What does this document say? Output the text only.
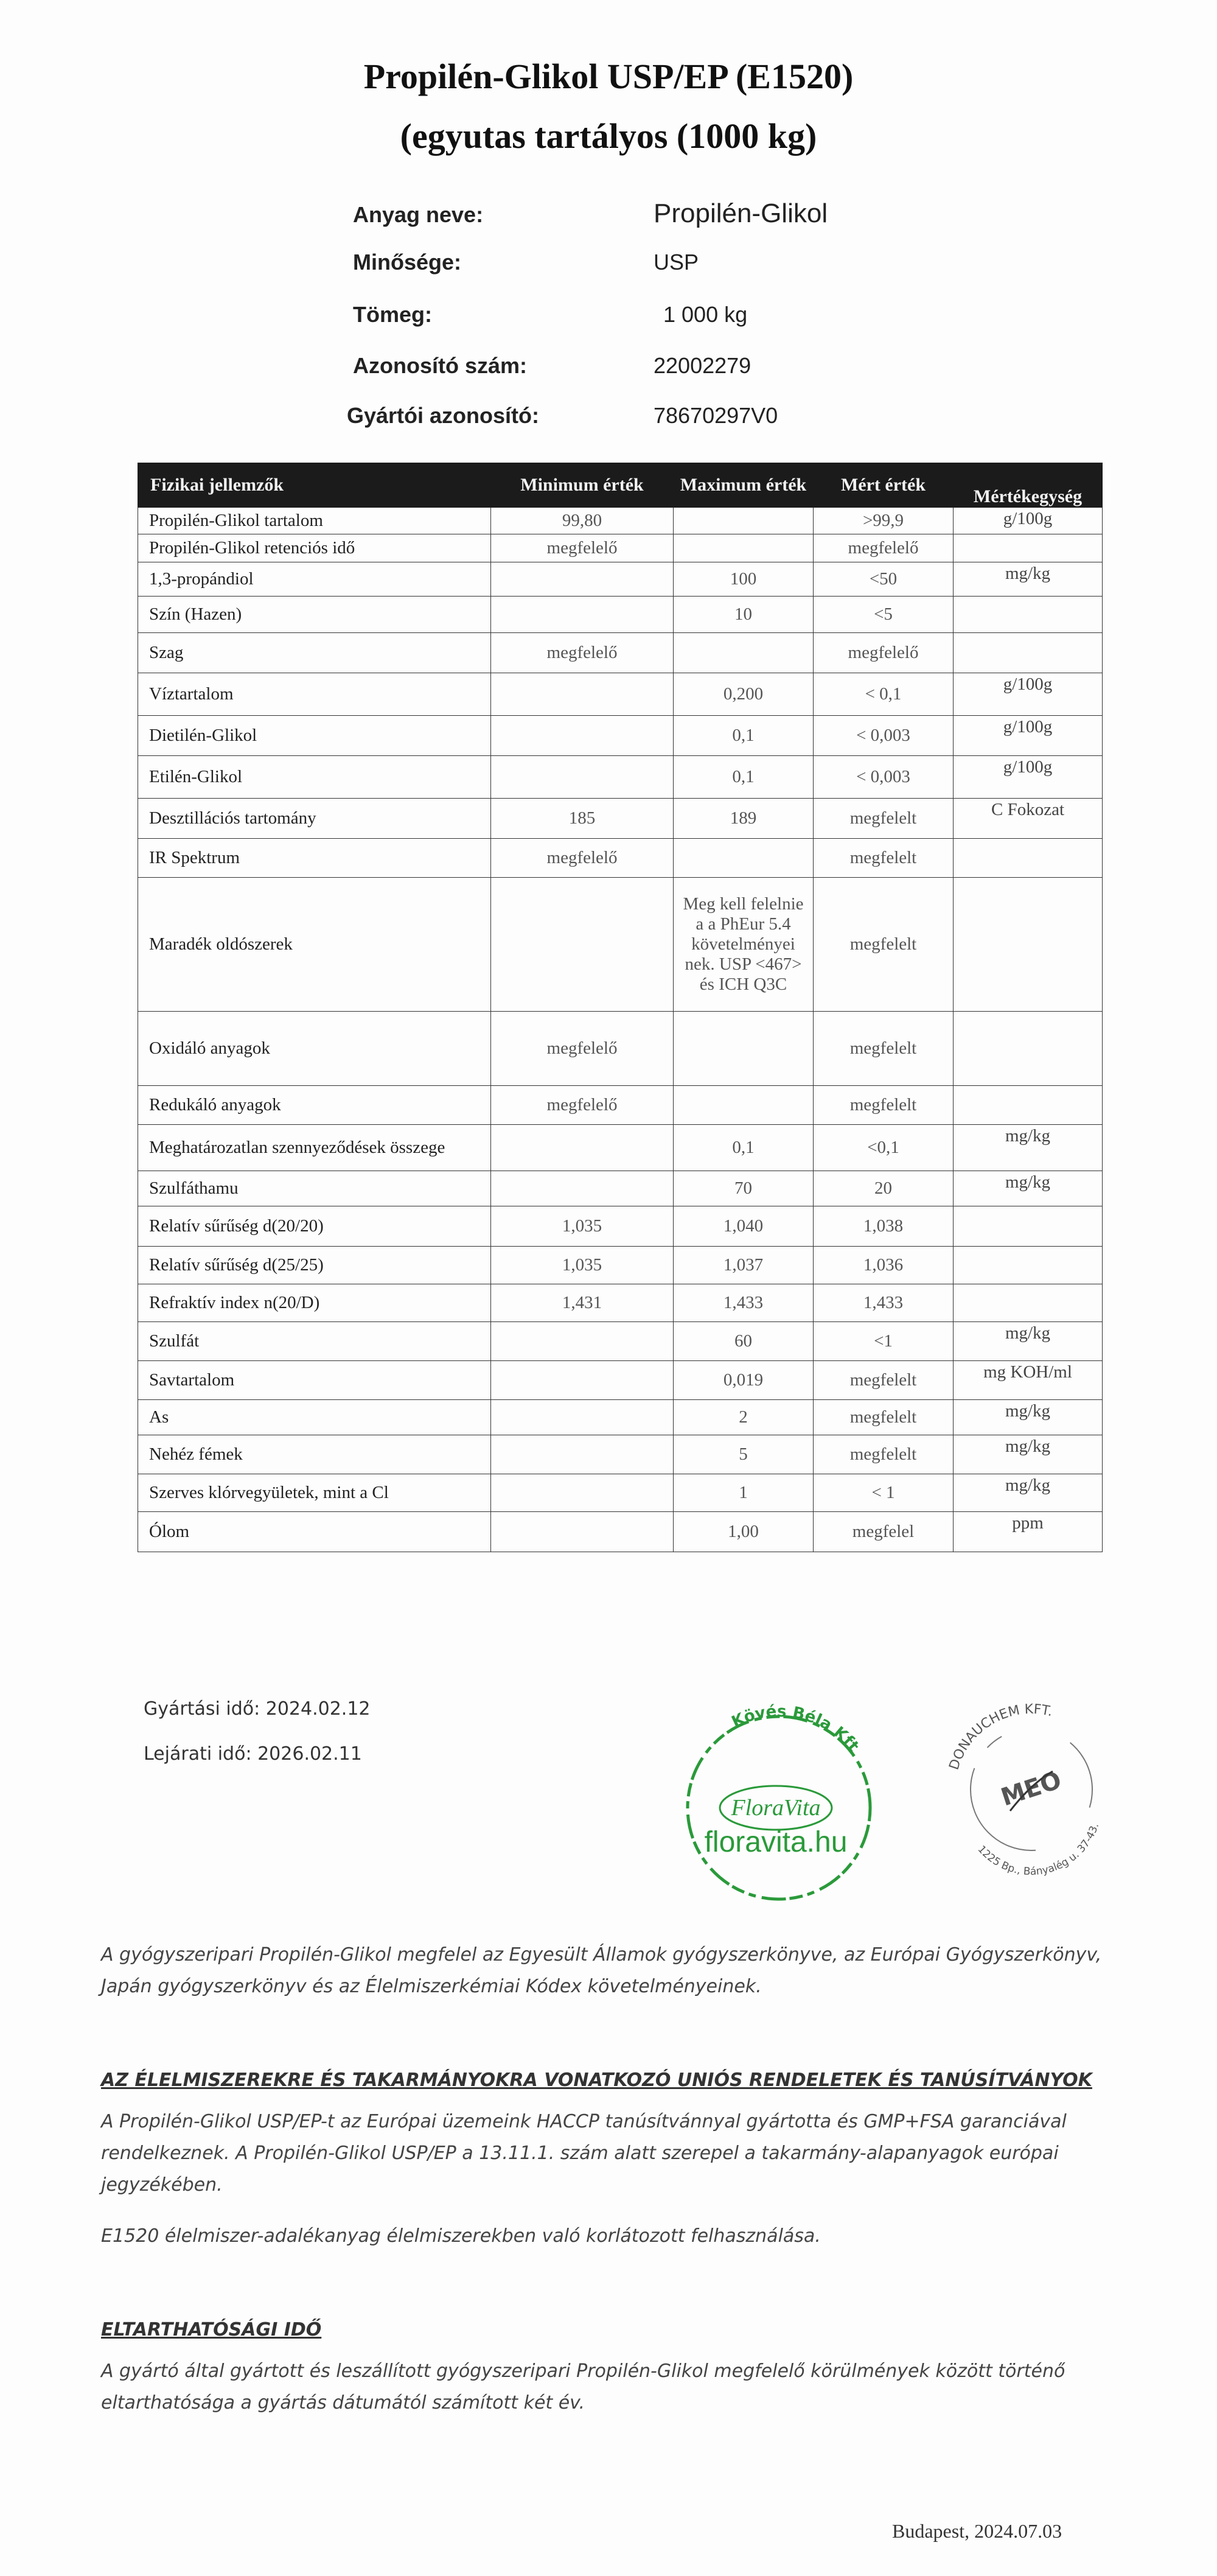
Propilén-Glikol USP/EP (E1520)
(egyutas tartályos (1000 kg)
Anyag neve:	Propilén-Glikol
Minősége:	USP
Tömeg:	1 000 kg
Azonosító szám:	22002279
Gyártói azonosító:	78670297V0
Fizikai jellemzők	Minimum érték	Maximum érték	Mért érték	Mértékegység
Propilén-Glikol tartalom	99,80		>99,9	g/100g
Propilén-Glikol retenciós idő	megfelelő		megfelelő	
1,3-propándiol		100	<50	mg/kg
Szín (Hazen)		10	<5	
Szag	megfelelő		megfelelő	
Víztartalom		0,200	< 0,1	g/100g
Dietilén-Glikol		0,1	< 0,003	g/100g
Etilén-Glikol		0,1	< 0,003	g/100g
Desztillációs tartomány	185	189	megfelelt	C Fokozat
IR Spektrum	megfelelő		megfelelt	
Maradék oldószerek		Meg kell felelnie a a PhEur 5.4 követelményei nek. USP <467> és ICH Q3C	megfelelt	
Oxidáló anyagok	megfelelő		megfelelt	
Redukáló anyagok	megfelelő		megfelelt	
Meghatározatlan szennyeződések összege		0,1	<0,1	mg/kg
Szulfáthamu		70	20	mg/kg
Relatív sűrűség d(20/20)	1,035	1,040	1,038	
Relatív sűrűség d(25/25)	1,035	1,037	1,036	
Refraktív index n(20/D)	1,431	1,433	1,433	
Szulfát		60	<1	mg/kg
Savtartalom		0,019	megfelelt	mg KOH/ml
As		2	megfelelt	mg/kg
Nehéz fémek		5	megfelelt	mg/kg
Szerves klórvegyületek, mint a Cl		1	< 1	mg/kg
Ólom		1,00	megfelel	ppm
Gyártási idő: 2024.02.12
Lejárati idő: 2026.02.11
Kövés Béla Kft
FloraVita
floravita.hu
DONAUCHEM KFT.
MEO
1225 Bp., Bányalég u. 37-43.

A gyógyszeripari Propilén-Glikol megfelel az Egyesült Államok gyógyszerkönyve, az Európai Gyógyszerkönyv, Japán gyógyszerkönyv és az Élelmiszerkémiai Kódex követelményeinek.

AZ ÉLELMISZEREKRE ÉS TAKARMÁNYOKRA VONATKOZÓ UNIÓS RENDELETEK ÉS TANÚSÍTVÁNYOK

A Propilén-Glikol USP/EP-t az Európai üzemeink HACCP tanúsítvánnyal gyártotta és GMP+FSA garanciával rendelkeznek. A Propilén-Glikol USP/EP a 13.11.1. szám alatt szerepel a takarmány-alapanyagok európai jegyzékében.

E1520 élelmiszer-adalékanyag élelmiszerekben való korlátozott felhasználása.

ELTARTHATÓSÁGI IDŐ

A gyártó által gyártott és leszállított gyógyszeripari Propilén-Glikol megfelelő körülmények között történő eltarthatósága a gyártás dátumától számított két év.

Budapest, 2024.07.03
